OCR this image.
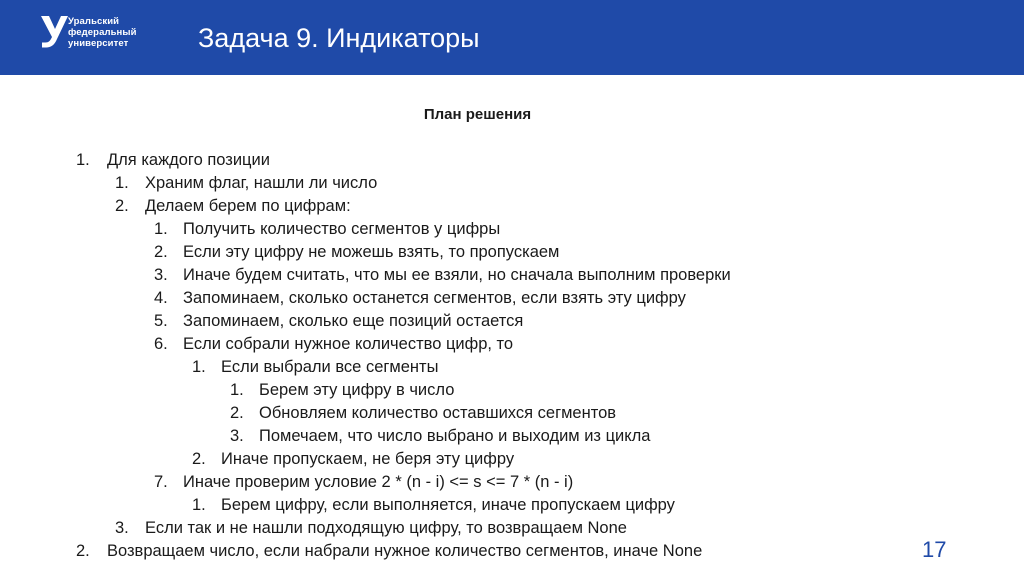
Уральский
федеральный
университет	Задача 9. Индикаторы
План решения
1. Для каждого позиции
1. Храним флаг, нашли ли число
2. Делаем берем по цифрам:
1. Получить количество сегментов у цифры
2. Если эту цифру не можешь взять, то пропускаем
3. Иначе будем считать, что мы ее взяли, но сначала выполним проверки
4. Запоминаем, сколько останется сегментов, если взять эту цифру
5. Запоминаем, сколько еще позиций остается
6. Если собрали нужное количество цифр, то
1. Если выбрали все сегменты
1. Берем эту цифру в число
2. Обновляем количество оставшихся сегментов
3. Помечаем, что число выбрано и выходим из цикла
2. Иначе пропускаем, не беря эту цифру
7. Иначе проверим условие 2 * (n - i) <= s <= 7 * (n - i)
1. Берем цифру, если выполняется, иначе пропускаем цифру
3. Если так и не нашли подходящую цифру, то возвращаем None
2. Возвращаем число, если набрали нужное количество сегментов, иначе None	17
